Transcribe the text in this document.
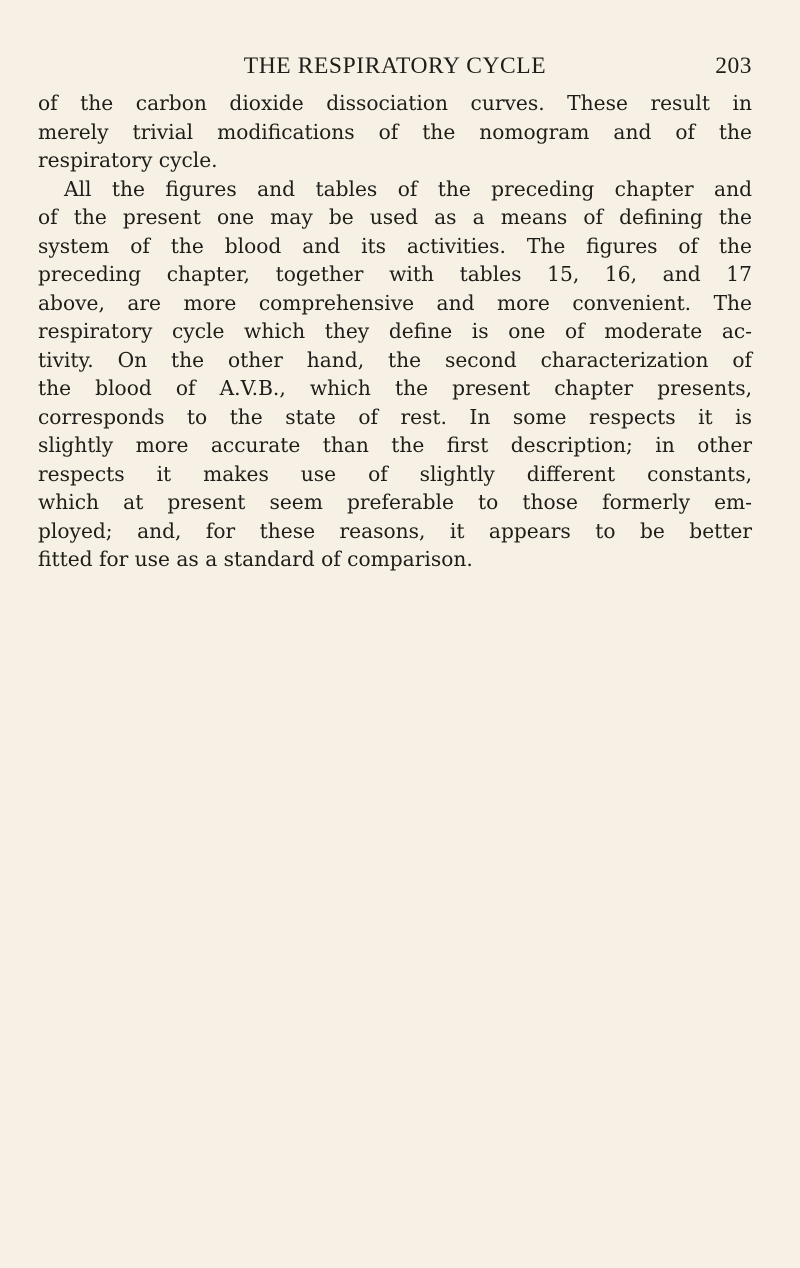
THE RESPIRATORY CYCLE	203
of the carbon dioxide dissociation curves. These result in
merely trivial modifications of the nomogram and of the
respiratory cycle.
All the figures and tables of the preceding chapter and
of the present one may be used as a means of defining the
system of the blood and its activities. The figures of the
preceding chapter, together with tables 15, 16, and 17
above, are more comprehensive and more convenient. The
respiratory cycle which they define is one of moderate ac-
tivity. On the other hand, the second characterization of
the blood of A.V.B., which the present chapter presents,
corresponds to the state of rest. In some respects it is
slightly more accurate than the first description; in other
respects it makes use of slightly different constants,
which at present seem preferable to those formerly em-
ployed; and, for these reasons, it appears to be better
fitted for use as a standard of comparison.
